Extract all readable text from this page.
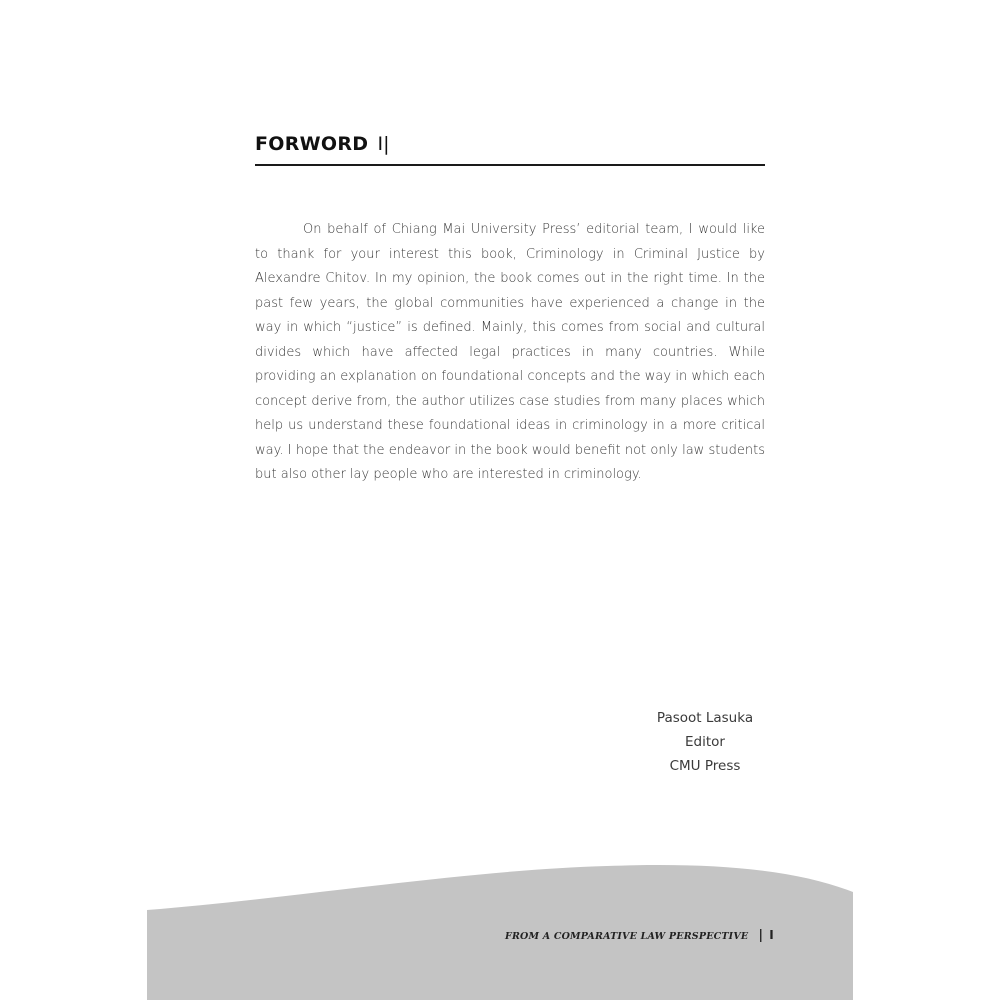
FORWORD I|

On behalf of Chiang Mai University Press’ editorial team, I would like to thank for your interest this book, Criminology in Criminal Justice by Alexandre Chitov. In my opinion, the book comes out in the right time. In the past few years, the global communities have experienced a change in the way in which “justice” is defined. Mainly, this comes from social and cultural divides which have affected legal practices in many countries. While providing an explanation on foundational concepts and the way in which each concept derive from, the author utilizes case studies from many places which help us understand these foundational ideas in criminology in a more critical way. I hope that the endeavor in the book would benefit not only law students but also other lay people who are interested in criminology.

Pasoot Lasuka
Editor
CMU Press
FROM A COMPARATIVE LAW PERSPECTIVE | I
